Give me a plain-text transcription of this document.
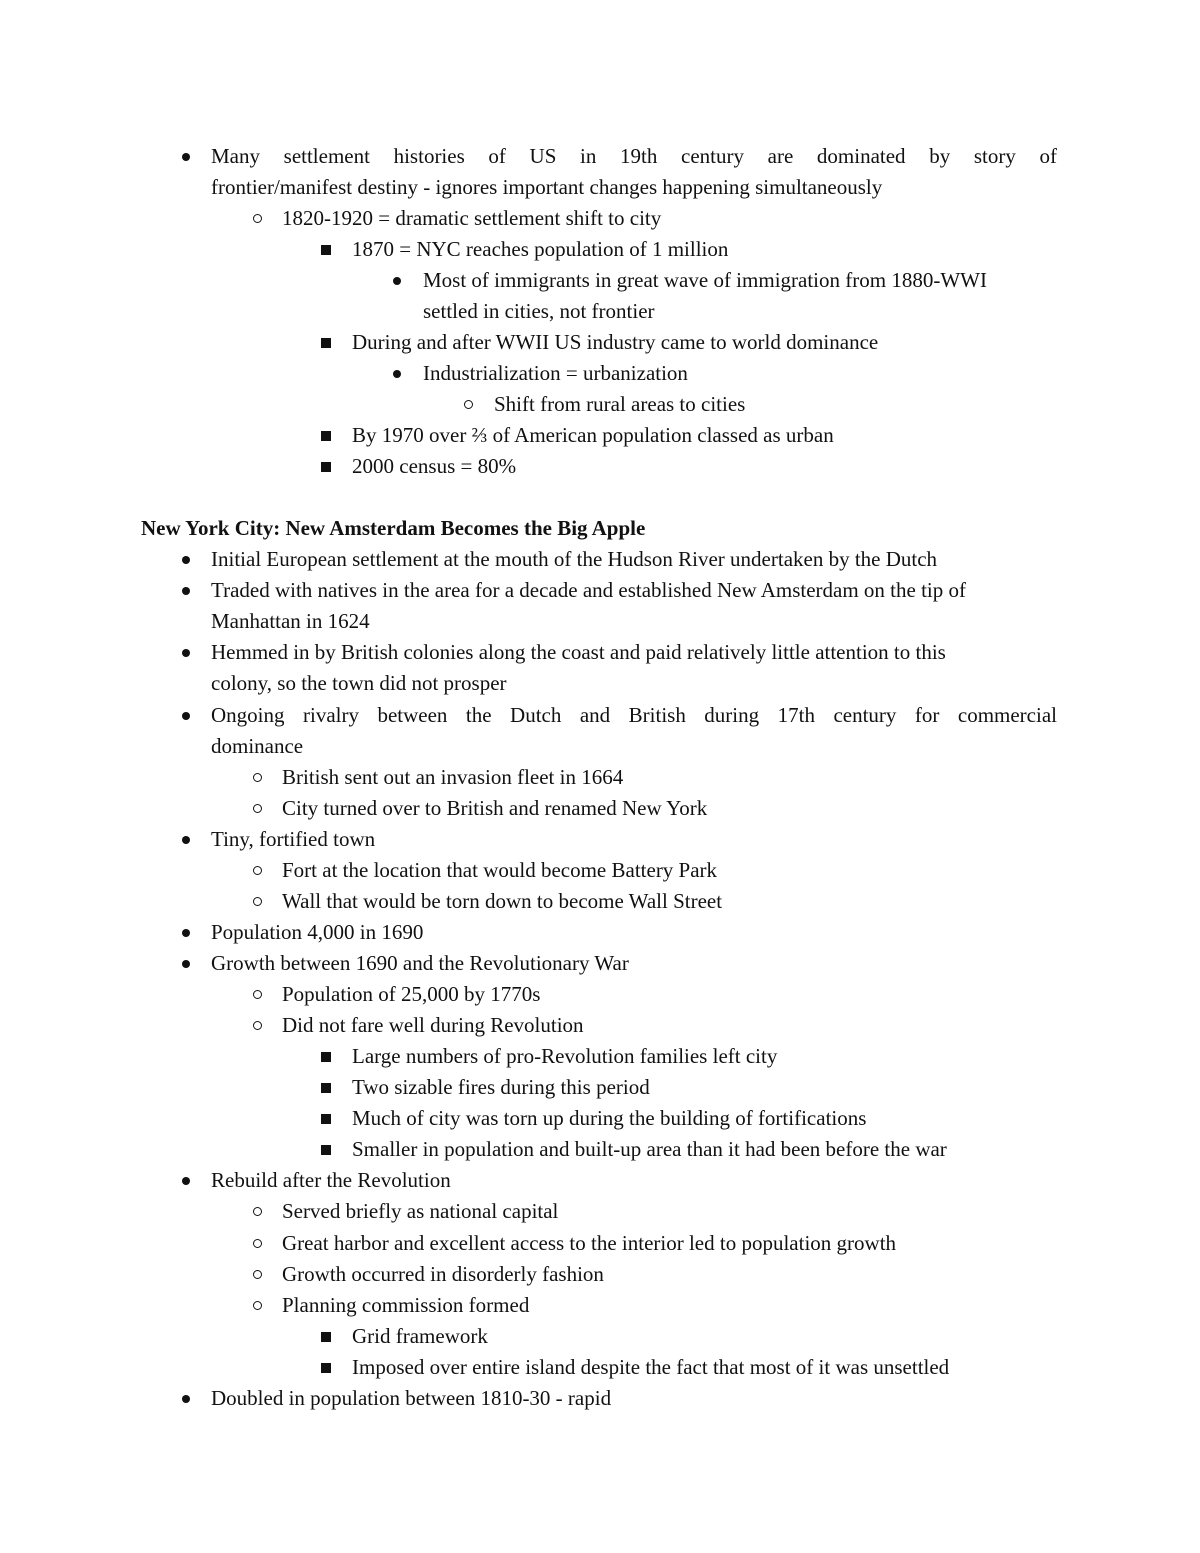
Many settlement histories of US in 19th century are dominated by story of
frontier/manifest destiny - ignores important changes happening simultaneously
1820-1920 = dramatic settlement shift to city
1870 = NYC reaches population of 1 million
Most of immigrants in great wave of immigration from 1880-WWI
settled in cities, not frontier
During and after WWII US industry came to world dominance
Industrialization = urbanization
Shift from rural areas to cities
By 1970 over ⅔ of American population classed as urban
2000 census = 80%
New York City: New Amsterdam Becomes the Big Apple
Initial European settlement at the mouth of the Hudson River undertaken by the Dutch
Traded with natives in the area for a decade and established New Amsterdam on the tip of
Manhattan in 1624
Hemmed in by British colonies along the coast and paid relatively little attention to this
colony, so the town did not prosper
Ongoing rivalry between the Dutch and British during 17th century for commercial
dominance
British sent out an invasion fleet in 1664
City turned over to British and renamed New York
Tiny, fortified town
Fort at the location that would become Battery Park
Wall that would be torn down to become Wall Street
Population 4,000 in 1690
Growth between 1690 and the Revolutionary War
Population of 25,000 by 1770s
Did not fare well during Revolution
Large numbers of pro-Revolution families left city
Two sizable fires during this period
Much of city was torn up during the building of fortifications
Smaller in population and built-up area than it had been before the war
Rebuild after the Revolution
Served briefly as national capital
Great harbor and excellent access to the interior led to population growth
Growth occurred in disorderly fashion
Planning commission formed
Grid framework
Imposed over entire island despite the fact that most of it was unsettled
Doubled in population between 1810-30 - rapid
